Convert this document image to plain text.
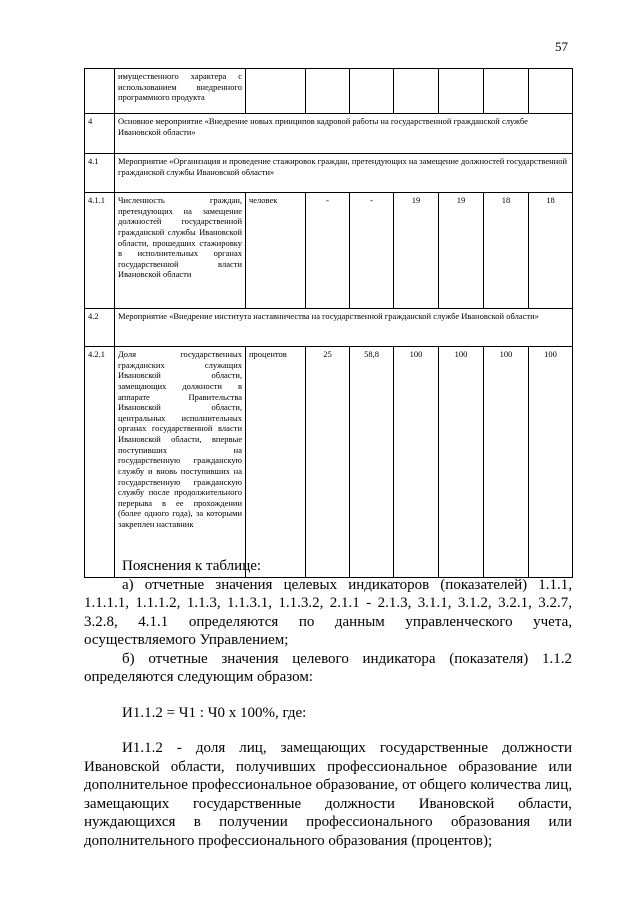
57
	имущественного характера с использованием внедренного программного продукта							
4	Основное мероприятие «Внедрение новых принципов кадровой работы на государственной гражданской службе Ивановской области»							
4.1	Мероприятие «Организация и проведение стажировок граждан, претендующих на замещение должностей государственной гражданской службы Ивановской области»							
4.1.1	Численность граждан, претендующих на замещение должностей государственной гражданской службы Ивановской области, прошедших стажировку в исполнительных органах государственной власти Ивановской области	человек	-	-	19	19	18	18
4.2	Мероприятие «Внедрение института наставничества на государственной гражданской службе Ивановской области»							
4.2.1	Доля государственных гражданских служащих Ивановской области, замещающих должности в аппарате Правительства Ивановской области, центральных исполнительных органах государственной власти Ивановской области, впервые поступивших на государственную гражданскую службу и вновь поступивших на государственную гражданскую службу после продолжительного перерыва в ее прохождении (более одного года), за которыми закреплен наставник	процентов	25	58,8	100	100	100	100

Пояснения к таблице:

а) отчетные значения целевых индикаторов (показателей) 1.1.1, 1.1.1.1, 1.1.1.2, 1.1.3, 1.1.3.1, 1.1.3.2, 2.1.1 - 2.1.3, 3.1.1, 3.1.2, 3.2.1, 3.2.7, 3.2.8, 4.1.1 определяются по данным управленческого учета, осуществляемого Управлением;

б) отчетные значения целевого индикатора (показателя) 1.1.2 определяются следующим образом:

И1.1.2 = Ч1 : Ч0 х 100%, где:

И1.1.2 - доля лиц, замещающих государственные должности Ивановской области, получивших профессиональное образование или дополнительное профессиональное образование, от общего количества лиц, замещающих государственные должности Ивановской области, нуждающихся в получении профессионального образования или дополнительного профессионального образования (процентов);
